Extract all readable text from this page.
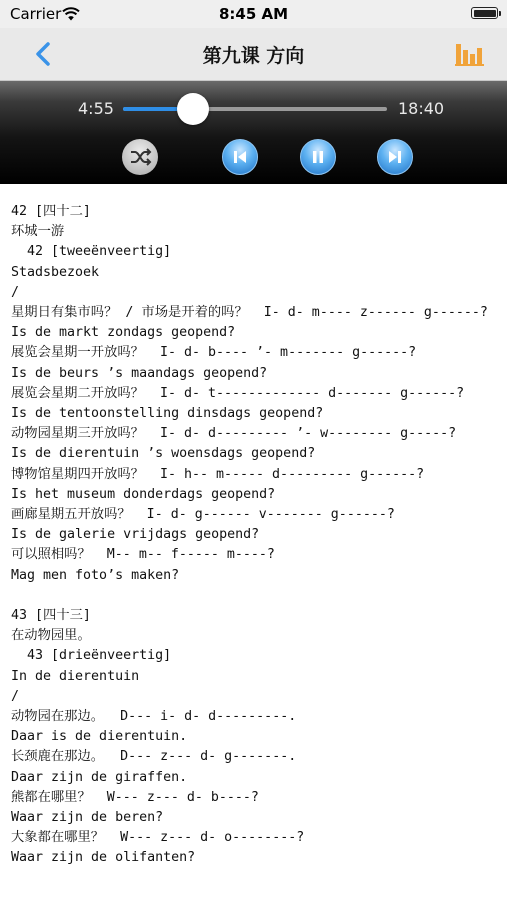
Carrier	8:45 AM
第九课 方向
4:55	18:40
42 [四十二]
环城一游
42 [tweeënveertig]
Stadsbezoek
/
星期日有集市吗？ / 市场是开着的吗？  I- d- m---- z------ g------?
Is de markt zondags geopend?
展览会星期一开放吗？  I- d- b---- ’- m------- g------?
Is de beurs ’s maandags geopend?
展览会星期二开放吗？  I- d- t------------- d------- g------?
Is de tentoonstelling dinsdags geopend?
动物园星期三开放吗？  I- d- d--------- ’- w-------- g-----?
Is de dierentuin ’s woensdags geopend?
博物馆星期四开放吗？  I- h-- m----- d--------- g------?
Is het museum donderdags geopend?
画廊星期五开放吗？  I- d- g------ v------- g------?
Is de galerie vrijdags geopend?
可以照相吗？  M-- m-- f----- m----?
Mag men foto’s maken?
43 [四十三]
在动物园里。
43 [drieënveertig]
In de dierentuin
/
动物园在那边。  D--- i- d- d---------.
Daar is de dierentuin.
长颈鹿在那边。  D--- z--- d- g-------.
Daar zijn de giraffen.
熊都在哪里？  W--- z--- d- b----?
Waar zijn de beren?
大象都在哪里？  W--- z--- d- o--------?
Waar zijn de olifanten?
